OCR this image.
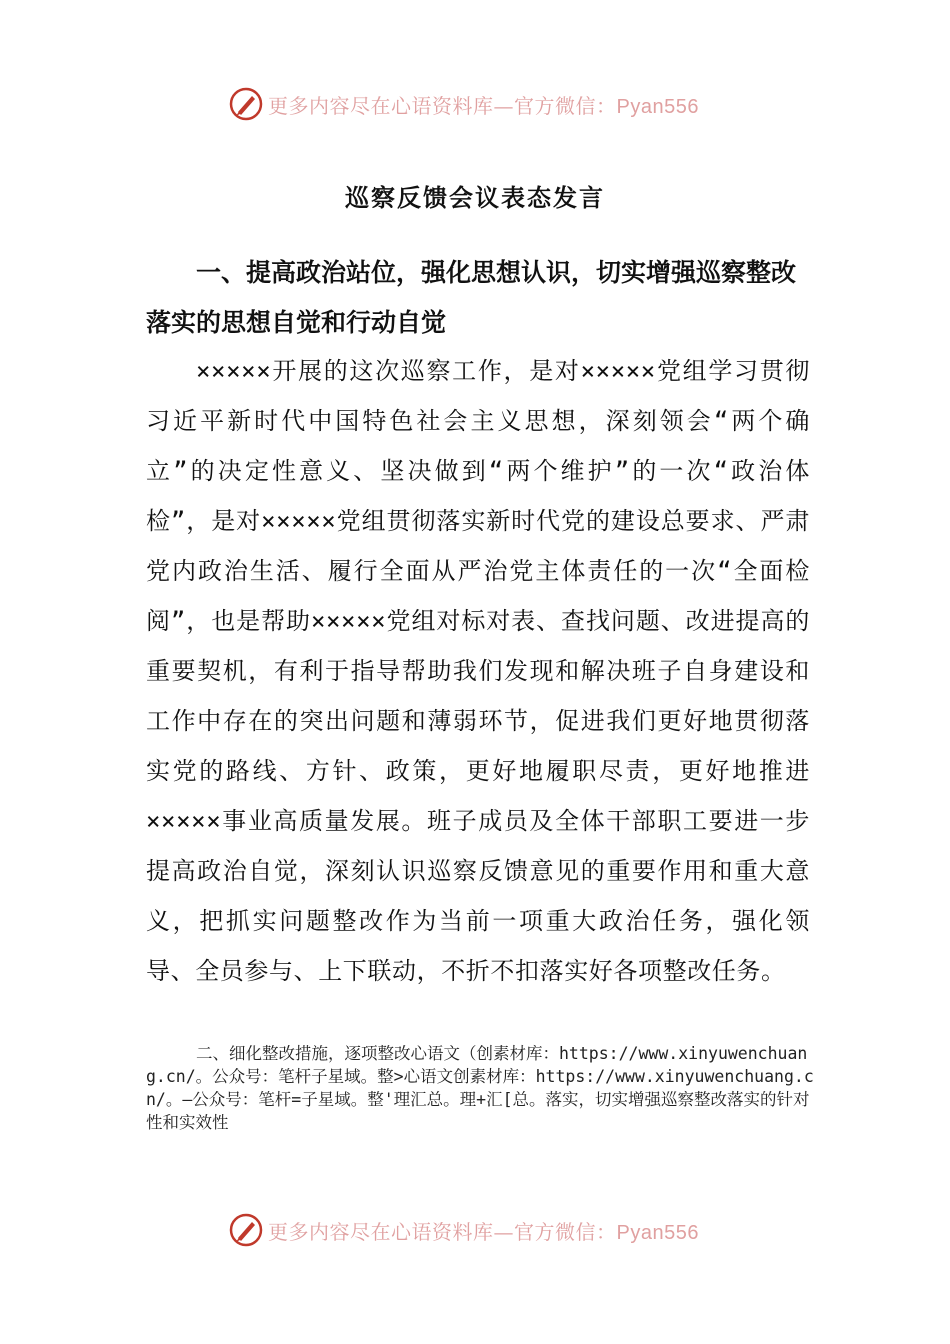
更多内容尽在心语资料库—官方微信：Pyan556
巡察反馈会议表态发言
一、提高政治站位，强化思想认识，切实增强巡察整改落实的思想自觉和行动自觉
×××××开展的这次巡察工作，是对×××××党组学习贯彻习近平新时代中国特色社会主义思想，深刻领会“两个确立”的决定性意义、坚决做到“两个维护”的一次“政治体检”，是对×××××党组贯彻落实新时代党的建设总要求、严肃党内政治生活、履行全面从严治党主体责任的一次“全面检阅”，也是帮助×××××党组对标对表、查找问题、改进提高的重要契机，有利于指导帮助我们发现和解决班子自身建设和工作中存在的突出问题和薄弱环节，促进我们更好地贯彻落实党的路线、方针、政策，更好地履职尽责，更好地推进×××××事业高质量发展。班子成员及全体干部职工要进一步提高政治自觉，深刻认识巡察反馈意见的重要作用和重大意义，把抓实问题整改作为当前一项重大政治任务，强化领导、全员参与、上下联动，不折不扣落实好各项整改任务。
二、细化整改措施，逐项整改心语文（创素材库：https://www.xinyuwenchuang.cn/。公众号：笔杆子星域。整>心语文创素材库：https://www.xinyuwenchuang.cn/。—公众号：笔杆=子星域。整'理汇总。理+汇[总。落实，切实增强巡察整改落实的针对性和实效性
更多内容尽在心语资料库—官方微信：Pyan556
